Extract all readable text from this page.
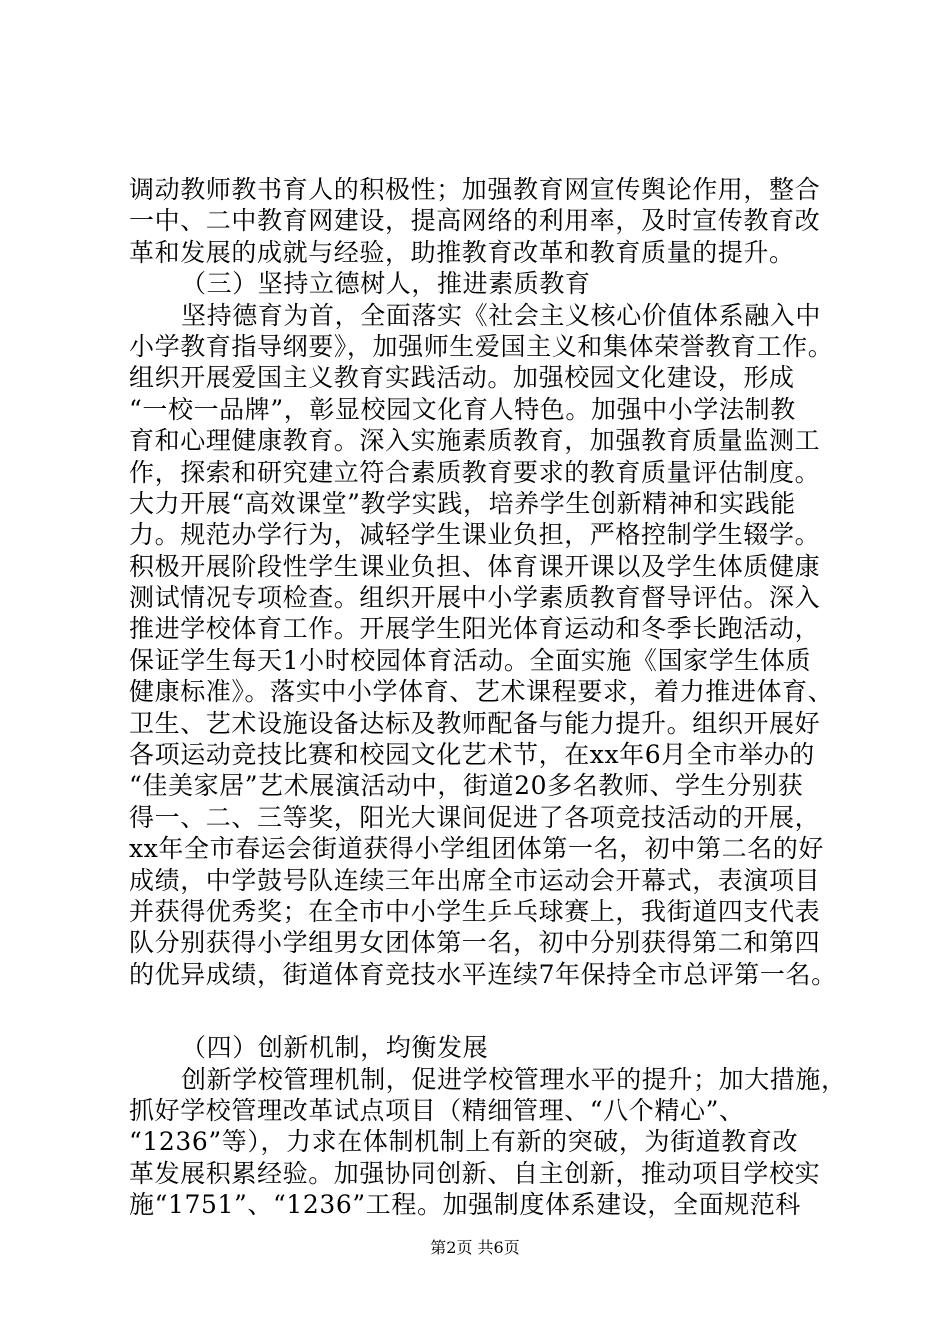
调动教师教书育人的积极性；加强教育网宣传舆论作用，整合
一中、二中教育网建设，提高网络的利用率，及时宣传教育改
革和发展的成就与经验，助推教育改革和教育质量的提升。
（三）坚持立德树人，推进素质教育
坚持德育为首，全面落实《社会主义核心价值体系融入中
小学教育指导纲要》，加强师生爱国主义和集体荣誉教育工作。
组织开展爱国主义教育实践活动。加强校园文化建设，形成
“一校一品牌”，彰显校园文化育人特色。加强中小学法制教
育和心理健康教育。深入实施素质教育，加强教育质量监测工
作，探索和研究建立符合素质教育要求的教育质量评估制度。
大力开展“高效课堂”教学实践，培养学生创新精神和实践能
力。规范办学行为，减轻学生课业负担，严格控制学生辍学。
积极开展阶段性学生课业负担、体育课开课以及学生体质健康
测试情况专项检查。组织开展中小学素质教育督导评估。深入
推进学校体育工作。开展学生阳光体育运动和冬季长跑活动，
保证学生每天1小时校园体育活动。全面实施《国家学生体质
健康标准》。落实中小学体育、艺术课程要求，着力推进体育、
卫生、艺术设施设备达标及教师配备与能力提升。组织开展好
各项运动竞技比赛和校园文化艺术节，在xx年6月全市举办的
“佳美家居”艺术展演活动中，街道20多名教师、学生分别获
得一、二、三等奖，阳光大课间促进了各项竞技活动的开展，
xx年全市春运会街道获得小学组团体第一名，初中第二名的好
成绩，中学鼓号队连续三年出席全市运动会开幕式，表演项目
并获得优秀奖；在全市中小学生乒乓球赛上，我街道四支代表
队分别获得小学组男女团体第一名，初中分别获得第二和第四
的优异成绩，街道体育竞技水平连续7年保持全市总评第一名。
（四）创新机制，均衡发展
创新学校管理机制，促进学校管理水平的提升；加大措施，
抓好学校管理改革试点项目（精细管理、“八个精心”、
“1236”等），力求在体制机制上有新的突破，为街道教育改
革发展积累经验。加强协同创新、自主创新，推动项目学校实
施“1751”、“1236”工程。加强制度体系建设，全面规范科
第2页 共6页
